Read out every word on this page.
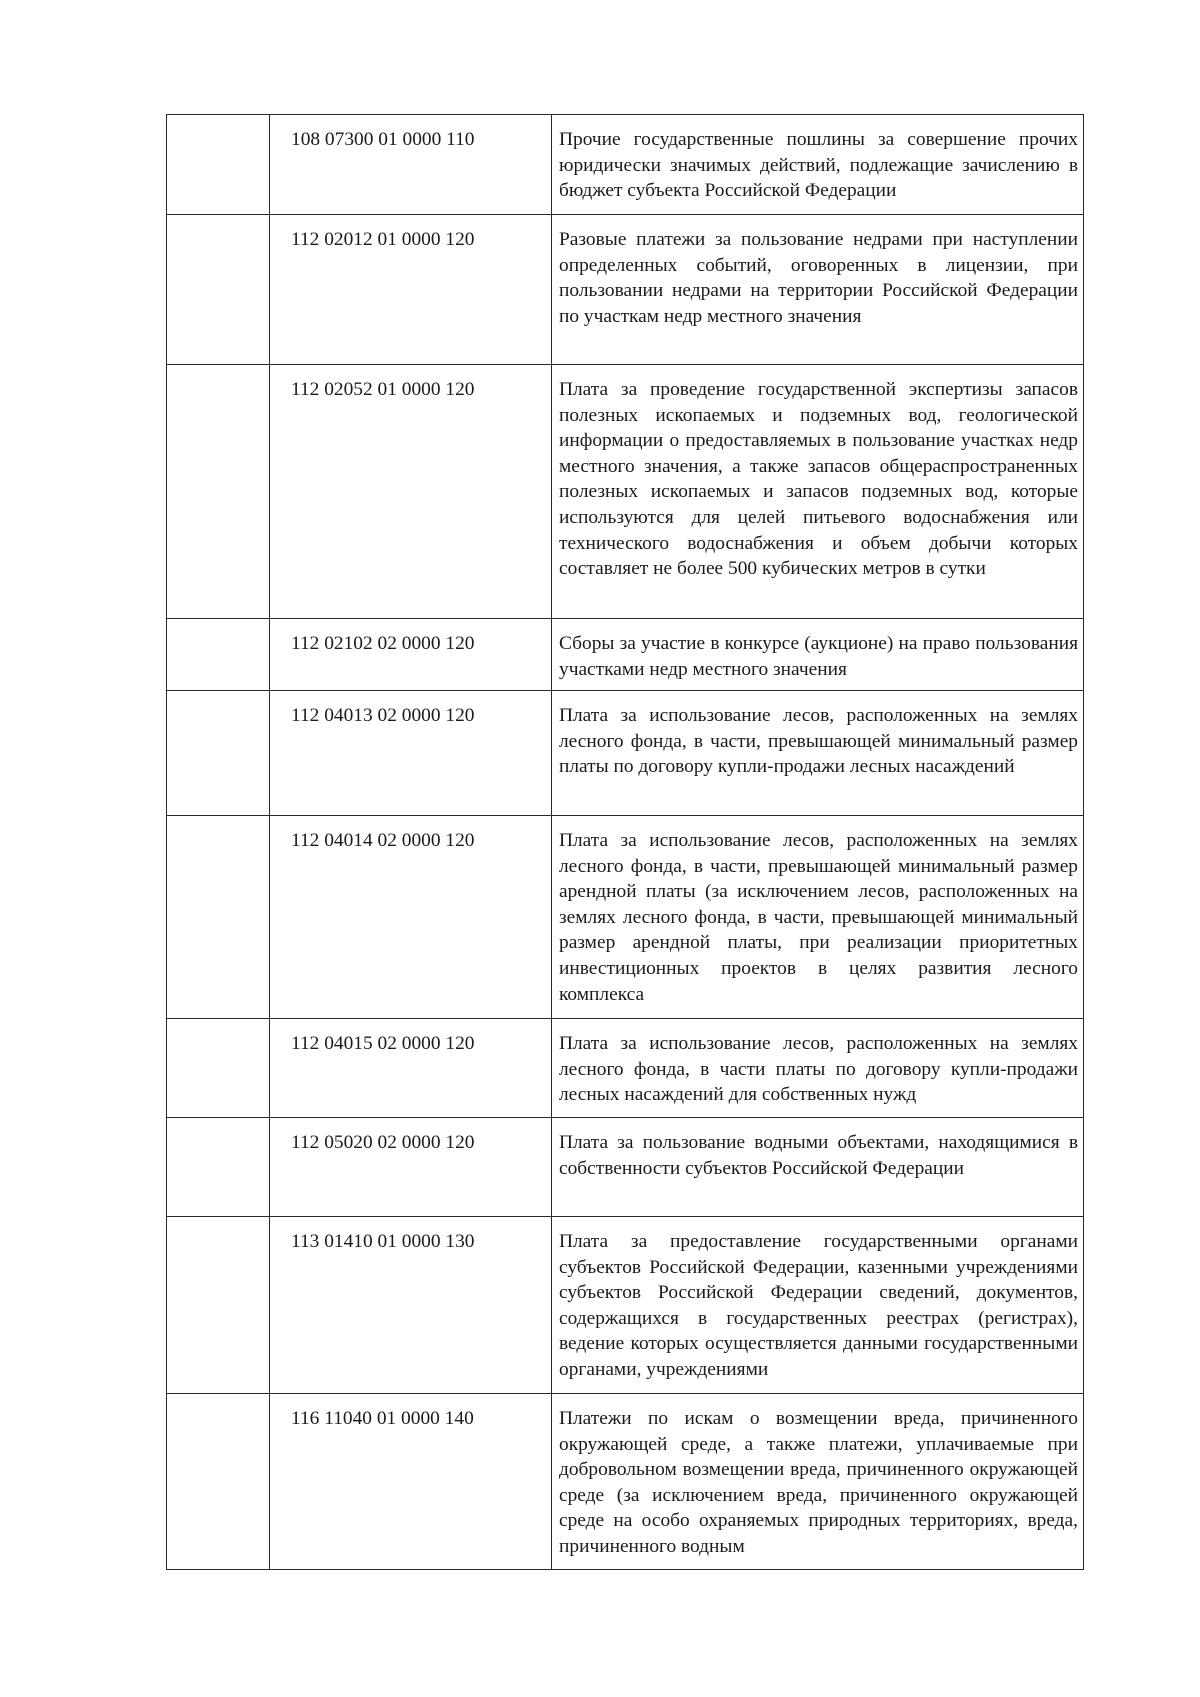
	108 07300 01 0000 110	Прочие государственные пошлины за совершение прочих юридически значимых действий, подлежащие зачислению в бюджет субъекта Российской Федерации

	112 02012 01 0000 120	Разовые платежи за пользование недрами при наступлении определенных событий, оговоренных в лицензии, при пользовании недрами на территории Российской Федерации по участкам недр местного значения

	112 02052 01 0000 120	Плата за проведение государственной экспертизы запасов полезных ископаемых и подземных вод, геологической информации о предоставляемых в пользование участках недр местного значения, а также запасов общераспространенных полезных ископаемых и запасов подземных вод, которые используются для целей питьевого водоснабжения или технического водоснабжения и объем добычи которых составляет не более 500 кубических метров в сутки

	112 02102 02 0000 120	Сборы за участие в конкурсе (аукционе) на право пользования участками недр местного значения

	112 04013 02 0000 120	Плата за использование лесов, расположенных на землях лесного фонда, в части, превышающей минимальный размер платы по договору купли-продажи лесных насаждений

	112 04014 02 0000 120	Плата за использование лесов, расположенных на землях лесного фонда, в части, превышающей минимальный размер арендной платы (за исключением лесов, расположенных на землях лесного фонда, в части, превышающей минимальный размер арендной платы, при реализации приоритетных инвестиционных проектов в целях развития лесного комплекса

	112 04015 02 0000 120	Плата за использование лесов, расположенных на землях лесного фонда, в части платы по договору купли-продажи лесных насаждений для собственных нужд

	112 05020 02 0000 120	Плата за пользование водными объектами, находящимися в собственности субъектов Российской Федерации

	113 01410 01 0000 130	Плата за предоставление государственными органами субъектов Российской Федерации, казенными учреждениями субъектов Российской Федерации сведений, документов, содержащихся в государственных реестрах (регистрах), ведение которых осуществляется данными государственными органами, учреждениями

	116 11040 01 0000 140	Платежи по искам о возмещении вреда, причиненного окружающей среде, а также платежи, уплачиваемые при добровольном возмещении вреда, причиненного окружающей среде (за исключением вреда, причиненного окружающей среде на особо охраняемых природных территориях, вреда, причиненного водным
